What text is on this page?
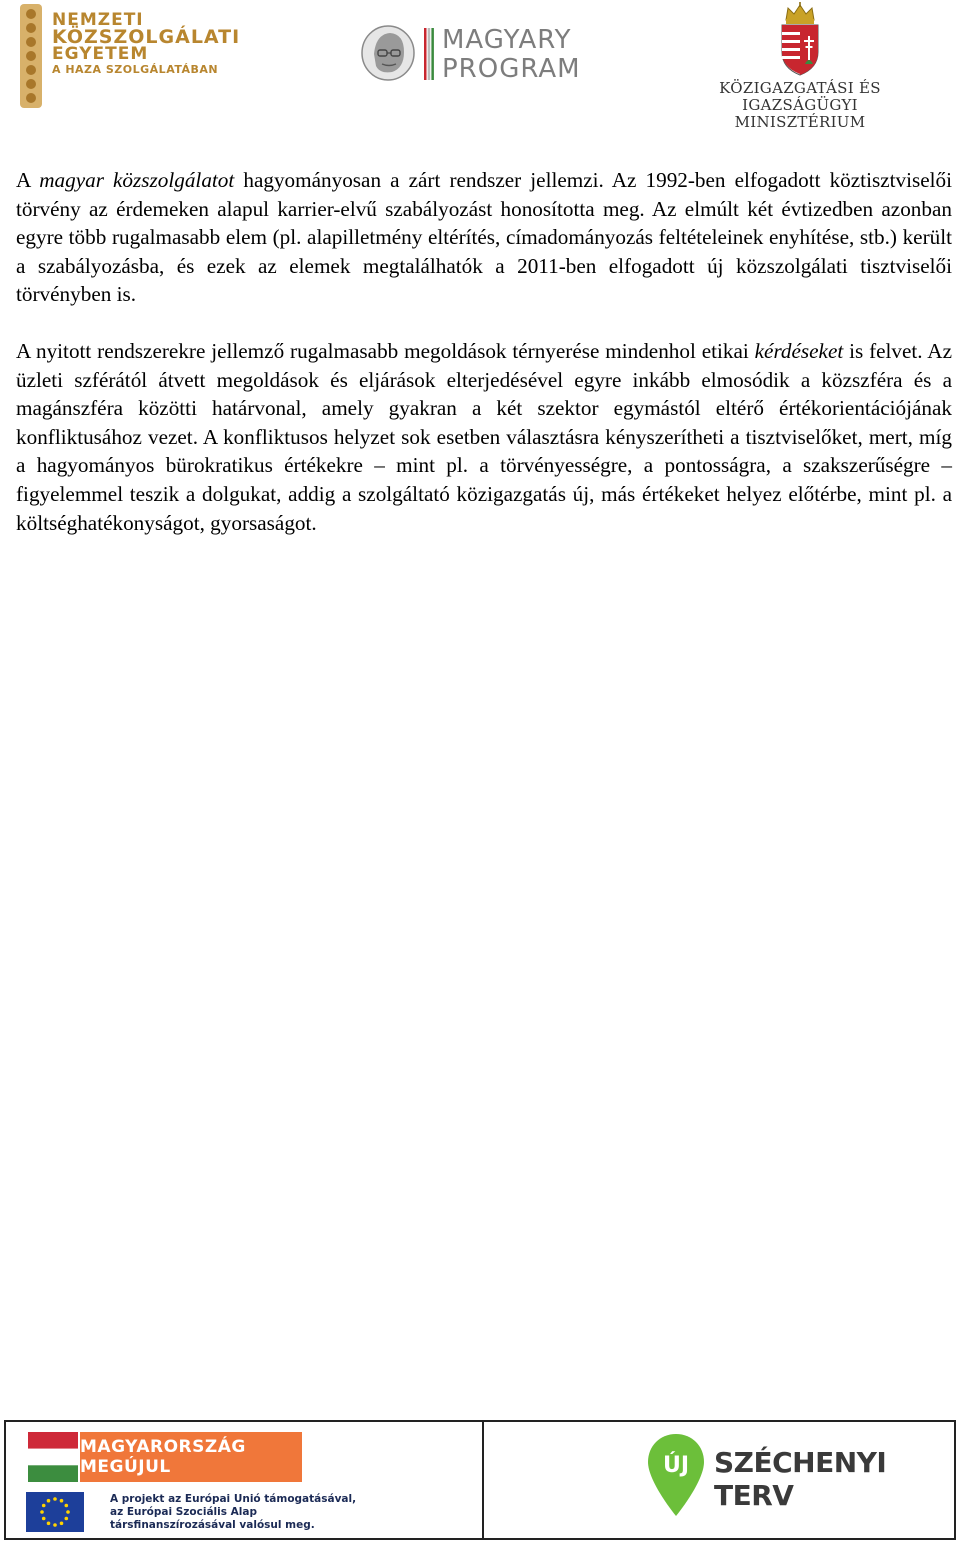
NEMZETI
KÖZSZOLGÁLATI
EGYETEM
A HAZA SZOLGÁLATÁBAN
MAGYARY
PROGRAM
KÖZIGAZGATÁSI ÉS IGAZSÁGÜGYI
MINISZTÉRIUM

A magyar közszolgálatot hagyományosan a zárt rendszer jellemzi. Az 1992-ben elfogadott köztisztviselői törvény az érdemeken alapul karrier-elvű szabályozást honosította meg. Az elmúlt két évtizedben azonban egyre több rugalmasabb elem (pl. alapilletmény eltérítés, címadományozás feltételeinek enyhítése, stb.) került a szabályozásba, és ezek az elemek megtalálhatók a 2011-ben elfogadott új közszolgálati tisztviselői törvényben is.

A nyitott rendszerekre jellemző rugalmasabb megoldások térnyerése mindenhol etikai kérdéseket is felvet. Az üzleti szférától átvett megoldások és eljárások elterjedésével egyre inkább elmosódik a közszféra és a magánszféra közötti határvonal, amely gyakran a két szektor egymástól eltérő értékorientációjának konfliktusához vezet. A konfliktusos helyzet sok esetben választásra kényszerítheti a tisztviselőket, mert, míg a hagyományos bürokratikus értékekre – mint pl. a törvényességre, a pontosságra, a szakszerűségre – figyelemmel teszik a dolgukat, addig a szolgáltató közigazgatás új, más értékeket helyez előtérbe, mint pl. a költséghatékonyságot, gyorsaságot.

MAGYARORSZÁG MEGÚJUL
A projekt az Európai Unió támogatásával,
az Európai Szociális Alap
társfinanszírozásával valósul meg.
ÚJ SZÉCHENYI TERV
